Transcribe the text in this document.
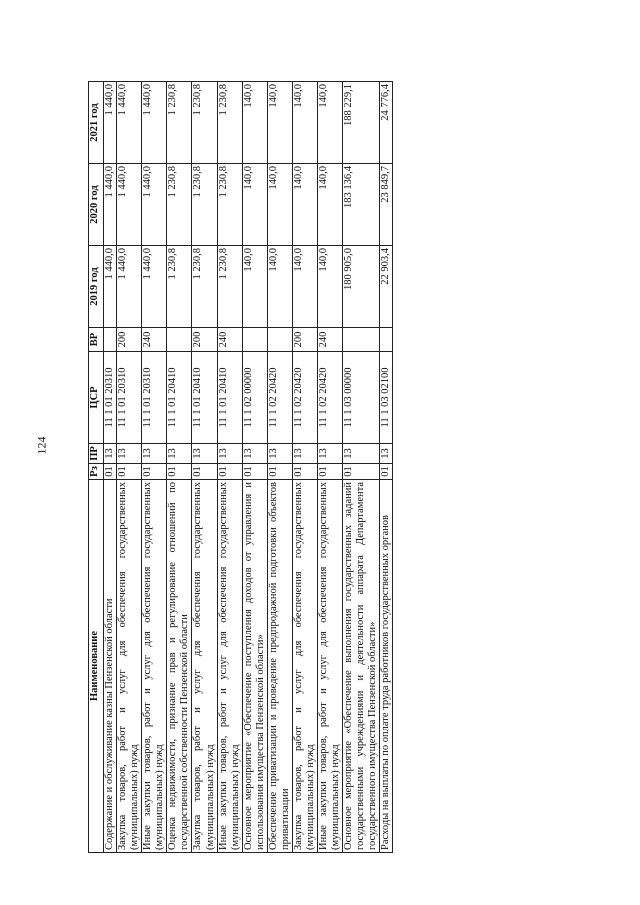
124
Наименование	Рз	ПР	ЦСР	ВР	2019 год	2020 год	2021 год
Содержание и обслуживание казны Пензенской области	01	13	11 1 01 20310		1 440,0	1 440,0	1 440,0
Закупка товаров, работ и услуг для обеспечения государственных (муниципальных) нужд	01	13	11 1 01 20310	200	1 440,0	1 440,0	1 440,0
Иные закупки товаров, работ и услуг для обеспечения государственных (муниципальных) нужд	01	13	11 1 01 20310	240	1 440,0	1 440,0	1 440,0
Оценка недвижимости, признание прав и регулирование отношений по государственной собственности Пензенской области	01	13	11 1 01 20410		1 230,8	1 230,8	1 230,8
Закупка товаров, работ и услуг для обеспечения государственных (муниципальных) нужд	01	13	11 1 01 20410	200	1 230,8	1 230,8	1 230,8
Иные закупки товаров, работ и услуг для обеспечения государственных (муниципальных) нужд	01	13	11 1 01 20410	240	1 230,8	1 230,8	1 230,8
Основное мероприятие «Обеспечение поступления доходов от управления и использования имущества Пензенской области»	01	13	11 1 02 00000		140,0	140,0	140,0
Обеспечение приватизации и проведение предпродажной подготовки объектов приватизации	01	13	11 1 02 20420		140,0	140,0	140,0
Закупка товаров, работ и услуг для обеспечения государственных (муниципальных) нужд	01	13	11 1 02 20420	200	140,0	140,0	140,0
Иные закупки товаров, работ и услуг для обеспечения государственных (муниципальных) нужд	01	13	11 1 02 20420	240	140,0	140,0	140,0
Основное мероприятие «Обеспечение выполнения государственных заданий государственными учреждениями и деятельности аппарата Департамента государственного имущества Пензенской области»	01	13	11 1 03 00000		180 905,0	183 136,4	188 229,1
Расходы на выплаты по оплате труда работников государственных органов	01	13	11 1 03 02100		22 903,4	23 849,7	24 776,4
